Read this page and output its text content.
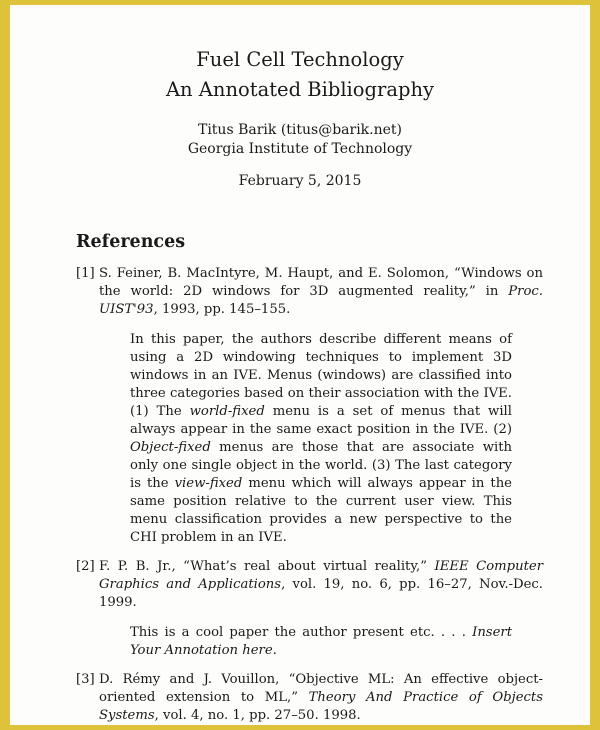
Fuel Cell Technology
An Annotated Bibliography
Titus Barik (titus@barik.net)
Georgia Institute of Technology
February 5, 2015
References
[1] S. Feiner, B. MacIntyre, M. Haupt, and E. Solomon, “Windows on the world: 2D windows for 3D augmented reality,” in Proc. UIST'93, 1993, pp. 145–155.
In this paper, the authors describe different means of using a 2D windowing techniques to implement 3D windows in an IVE. Menus (windows) are classified into three categories based on their association with the IVE. (1) The world-fixed menu is a set of menus that will always appear in the same exact position in the IVE. (2) Object-fixed menus are those that are associate with only one single object in the world. (3) The last category is the view-fixed menu which will always appear in the same position relative to the current user view. This menu classification provides a new perspective to the CHI problem in an IVE.
[2] F. P. B. Jr., “What’s real about virtual reality,” IEEE Computer Graphics and Applications, vol. 19, no. 6, pp. 16–27, Nov.-Dec. 1999.
This is a cool paper the author present etc. . . . Insert Your Annotation here.
[3] D. Rémy and J. Vouillon, “Objective ML: An effective object-oriented extension to ML,” Theory And Practice of Objects Systems, vol. 4, no. 1, pp. 27–50. 1998.
